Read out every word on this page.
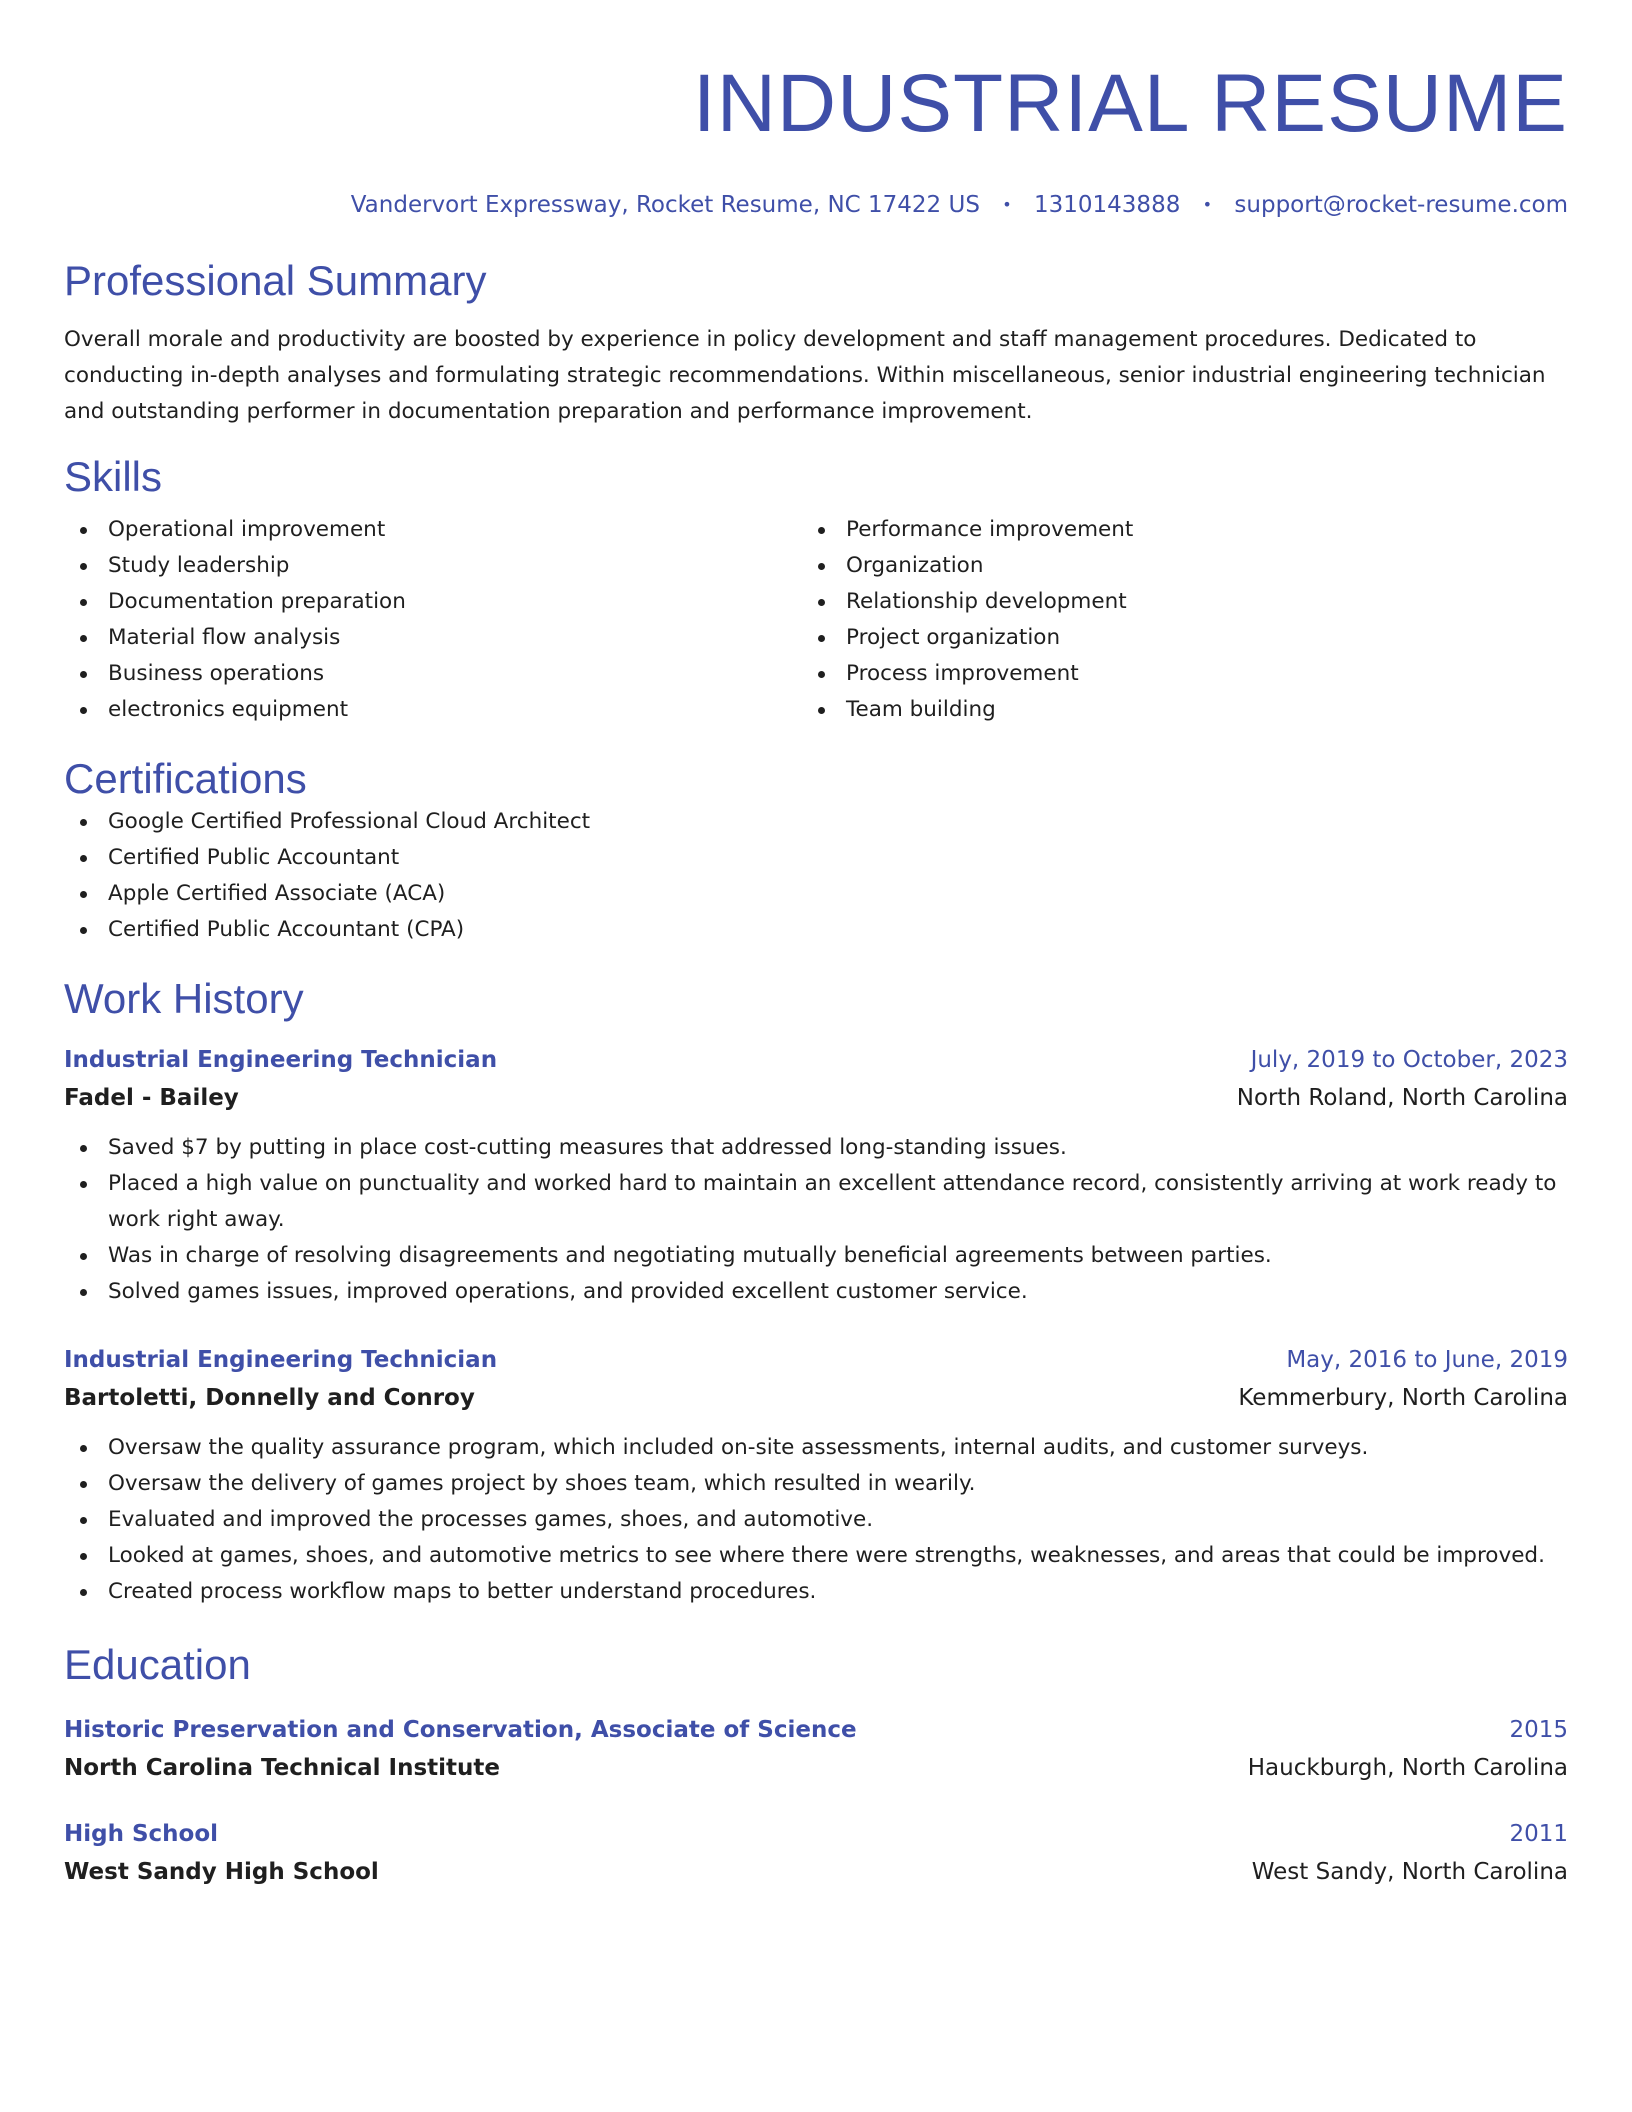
INDUSTRIAL RESUME
Vandervort Expressway, Rocket Resume, NC 17422 US • 1310143888 • support@rocket-resume.com
Professional Summary

Overall morale and productivity are boosted by experience in policy development and staff management procedures. Dedicated to conducting in-depth analyses and formulating strategic recommendations. Within miscellaneous, senior industrial engineering technician and outstanding performer in documentation preparation and performance improvement.

Skills
Operational improvement
Study leadership
Documentation preparation
Material flow analysis
Business operations
electronics equipment
Performance improvement
Organization
Relationship development
Project organization
Process improvement
Team building
Certifications
Google Certified Professional Cloud Architect
Certified Public Accountant
Apple Certified Associate (ACA)
Certified Public Accountant (CPA)
Work History
Industrial Engineering Technician	July, 2019 to October, 2023
Fadel - Bailey	North Roland, North Carolina
Saved $7 by putting in place cost-cutting measures that addressed long-standing issues.
Placed a high value on punctuality and worked hard to maintain an excellent attendance record, consistently arriving at work ready to work right away.
Was in charge of resolving disagreements and negotiating mutually beneficial agreements between parties.
Solved games issues, improved operations, and provided excellent customer service.
Industrial Engineering Technician	May, 2016 to June, 2019
Bartoletti, Donnelly and Conroy	Kemmerbury, North Carolina
Oversaw the quality assurance program, which included on-site assessments, internal audits, and customer surveys.
Oversaw the delivery of games project by shoes team, which resulted in wearily.
Evaluated and improved the processes games, shoes, and automotive.
Looked at games, shoes, and automotive metrics to see where there were strengths, weaknesses, and areas that could be improved.
Created process workflow maps to better understand procedures.
Education
Historic Preservation and Conservation, Associate of Science	2015
North Carolina Technical Institute	Hauckburgh, North Carolina
High School	2011
West Sandy High School	West Sandy, North Carolina
